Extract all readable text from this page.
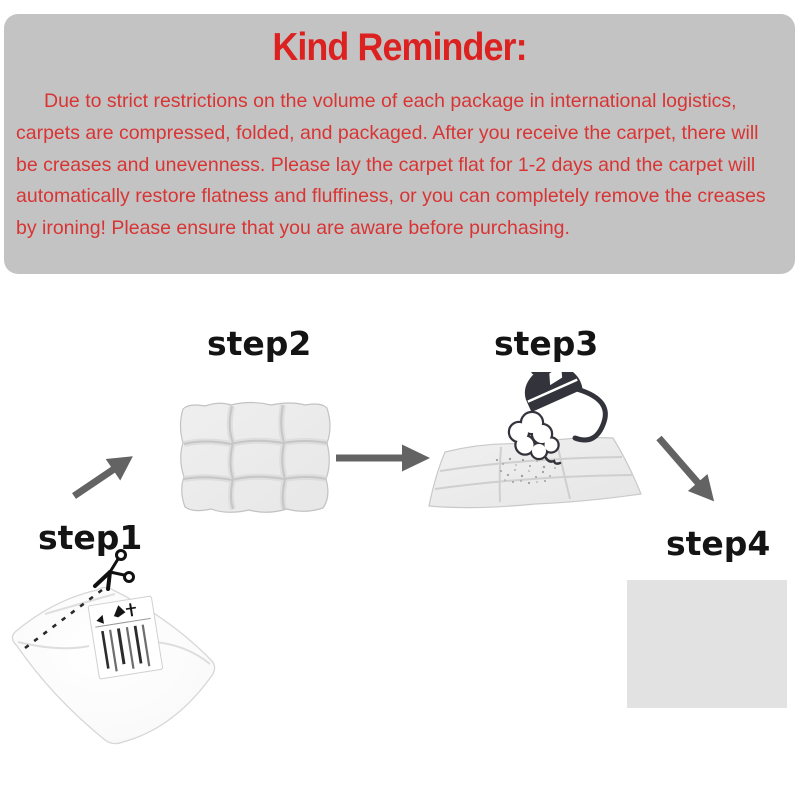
Kind Reminder:

Due to strict restrictions on the volume of each package in international logistics, carpets are compressed, folded, and packaged. After you receive the carpet, there will be creases and unevenness. Please lay the carpet flat for 1-2 days and the carpet will automatically restore flatness and fluffiness, or you can completely remove the creases by ironing! Please ensure that you are aware before purchasing.

step1
step2	step3
step4
